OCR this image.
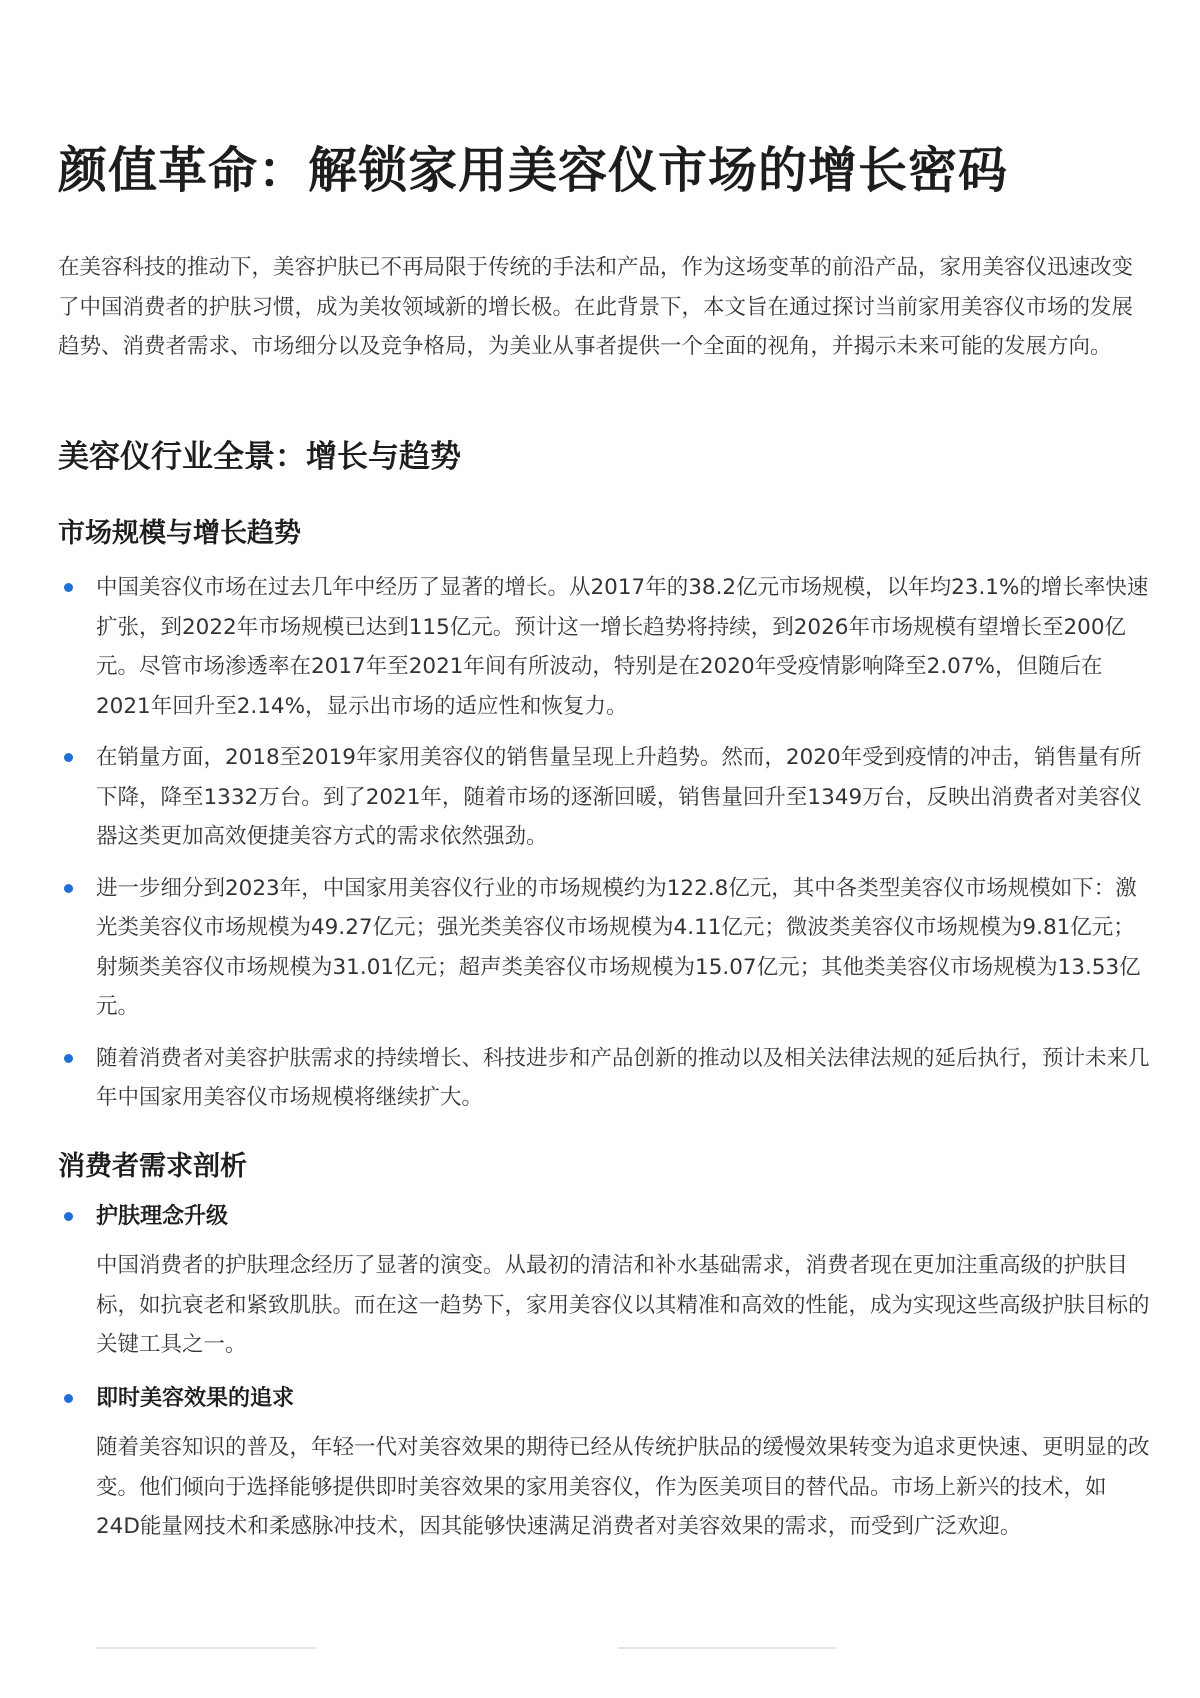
颜值革命：解锁家用美容仪市场的增长密码

在美容科技的推动下，美容护肤已不再局限于传统的手法和产品，作为这场变革的前沿产品，家用美容仪迅速改变了中国消费者的护肤习惯，成为美妆领域新的增长极。在此背景下，本文旨在通过探讨当前家用美容仪市场的发展趋势、消费者需求、市场细分以及竞争格局，为美业从事者提供一个全面的视角，并揭示未来可能的发展方向。

美容仪行业全景：增长与趋势
市场规模与增长趋势
中国美容仪市场在过去几年中经历了显著的增长。从2017年的38.2亿元市场规模，以年均23.1%的增长率快速扩张，到2022年市场规模已达到115亿元。预计这一增长趋势将持续，到2026年市场规模有望增长至200亿元。尽管市场渗透率在2017年至2021年间有所波动，特别是在2020年受疫情影响降至2.07%，但随后在2021年回升至2.14%，显示出市场的适应性和恢复力。
在销量方面，2018至2019年家用美容仪的销售量呈现上升趋势。然而，2020年受到疫情的冲击，销售量有所下降，降至1332万台。到了2021年，随着市场的逐渐回暖，销售量回升至1349万台，反映出消费者对美容仪器这类更加高效便捷美容方式的需求依然强劲。
进一步细分到2023年，中国家用美容仪行业的市场规模约为122.8亿元，其中各类型美容仪市场规模如下：激光类美容仪市场规模为49.27亿元；强光类美容仪市场规模为4.11亿元；微波类美容仪市场规模为9.81亿元；射频类美容仪市场规模为31.01亿元；超声类美容仪市场规模为15.07亿元；其他类美容仪市场规模为13.53亿元。
随着消费者对美容护肤需求的持续增长、科技进步和产品创新的推动以及相关法律法规的延后执行，预计未来几年中国家用美容仪市场规模将继续扩大。
消费者需求剖析

护肤理念升级

中国消费者的护肤理念经历了显著的演变。从最初的清洁和补水基础需求，消费者现在更加注重高级的护肤目标，如抗衰老和紧致肌肤。而在这一趋势下，家用美容仪以其精准和高效的性能，成为实现这些高级护肤目标的关键工具之一。

即时美容效果的追求

随着美容知识的普及，年轻一代对美容效果的期待已经从传统护肤品的缓慢效果转变为追求更快速、更明显的改变。他们倾向于选择能够提供即时美容效果的家用美容仪，作为医美项目的替代品。市场上新兴的技术，如24D能量网技术和柔感脉冲技术，因其能够快速满足消费者对美容效果的需求，而受到广泛欢迎。
